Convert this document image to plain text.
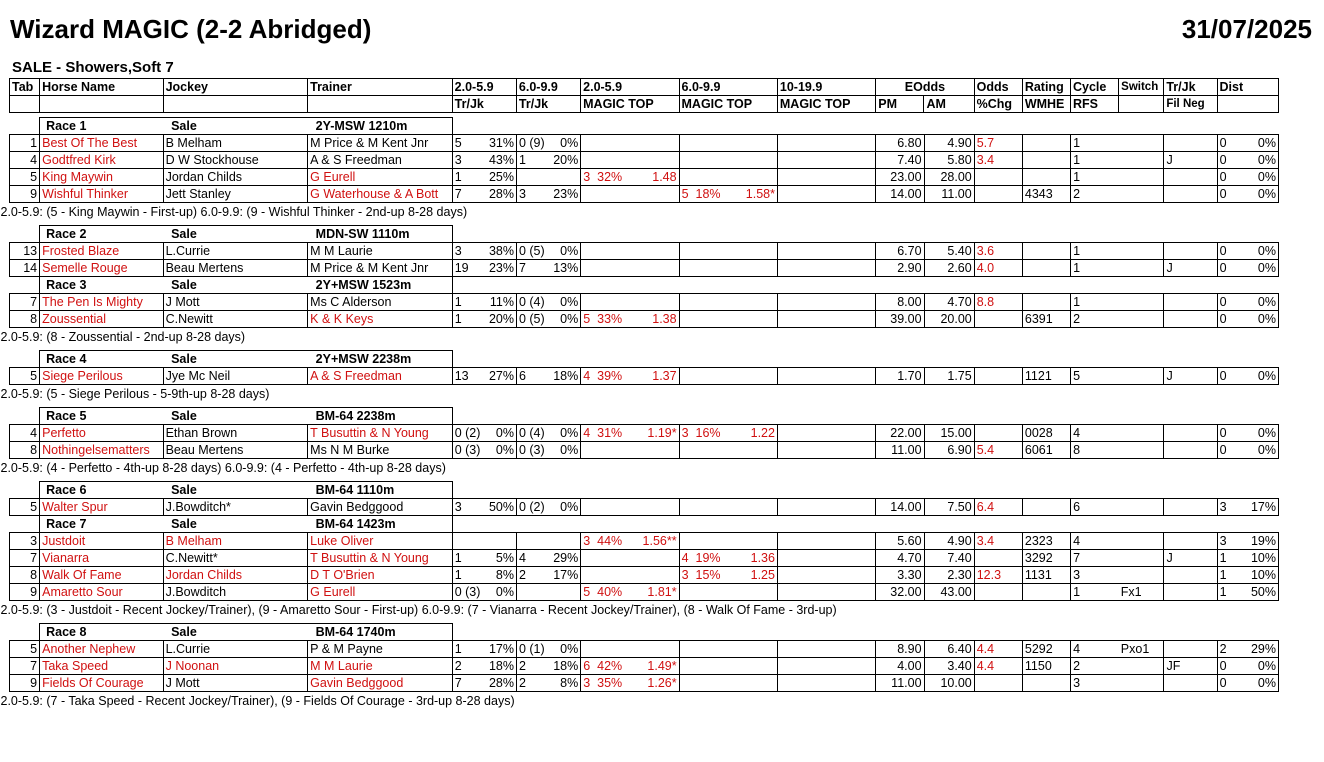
Wizard MAGIC (2-2 Abridged)	31/07/2025
SALE - Showers,Soft 7
Tab	Horse Name	Jockey	Trainer	2.0-5.9	6.0-9.9	2.0-5.9	6.0-9.9	10-19.9	EOdds		Odds	Rating	Cycle	Switch	Tr/Jk	Dist
				Tr/Jk	Tr/Jk	MAGIC TOP	MAGIC TOP	MAGIC TOP	PM	AM	%Chg	WMHE	RFS		Fil Neg	
	Race 1	Sale	2Y-MSW 1210m																		
1	Best Of The Best	B Melham	M Price & M Kent Jnr	5	31%	0 (9)	0%						6.80	4.90	5.7		1			0	0%
4	Godtfred Kirk	D W Stockhouse	A & S Freedman	3	43%	1	20%						7.40	5.80	3.4		1		J	0	0%
5	King Maywin	Jordan Childs	G Eurell	1	25%			3  32%	1.48				23.00	28.00			1			0	0%
9	Wishful Thinker	Jett Stanley	G Waterhouse & A Bott	7	28%	3	23%			5  18%	1.58*		14.00	11.00		4343	2			0	0%
2.0-5.9: (5 - King Maywin - First-up) 6.0-9.9: (9 - Wishful Thinker - 2nd-up 8-28 days)

	Race 2	Sale	MDN-SW 1110m																		
13	Frosted Blaze	L.Currie	M M Laurie	3	38%	0 (5)	0%						6.70	5.40	3.6		1			0	0%
14	Semelle Rouge	Beau Mertens	M Price & M Kent Jnr	19	23%	7	13%						2.90	2.60	4.0		1		J	0	0%
	Race 3	Sale	2Y+MSW 1523m																		
7	The Pen Is Mighty	J Mott	Ms C Alderson	1	11%	0 (4)	0%						8.00	4.70	8.8		1			0	0%
8	Zoussential	C.Newitt	K & K Keys	1	20%	0 (5)	0%	5  33%	1.38				39.00	20.00		6391	2			0	0%
2.0-5.9: (8 - Zoussential - 2nd-up 8-28 days)

	Race 4	Sale	2Y+MSW 2238m																		
5	Siege Perilous	Jye Mc Neil	A & S Freedman	13	27%	6	18%	4  39%	1.37				1.70	1.75		1121	5		J	0	0%
2.0-5.9: (5 - Siege Perilous - 5-9th-up 8-28 days)

	Race 5	Sale	BM-64 2238m																		
4	Perfetto	Ethan Brown	T Busuttin & N Young	0 (2)	0%	0 (4)	0%	4  31%	1.19*	3  16%	1.22		22.00	15.00		0028	4			0	0%
8	Nothingelsematters	Beau Mertens	Ms N M Burke	0 (3)	0%	0 (3)	0%						11.00	6.90	5.4	6061	8			0	0%
2.0-5.9: (4 - Perfetto - 4th-up 8-28 days) 6.0-9.9: (4 - Perfetto - 4th-up 8-28 days)

	Race 6	Sale	BM-64 1110m																		
5	Walter Spur	J.Bowditch*	Gavin Bedggood	3	50%	0 (2)	0%						14.00	7.50	6.4		6			3	17%
	Race 7	Sale	BM-64 1423m																		
3	Justdoit	B Melham	Luke Oliver					3  44%	1.56**				5.60	4.90	3.4	2323	4			3	19%
7	Vianarra	C.Newitt*	T Busuttin & N Young	1	5%	4	29%			4  19%	1.36		4.70	7.40		3292	7		J	1	10%
8	Walk Of Fame	Jordan Childs	D T O'Brien	1	8%	2	17%			3  15%	1.25		3.30	2.30	12.3	1131	3			1	10%
9	Amaretto Sour	J.Bowditch	G Eurell	0 (3)	0%			5  40%	1.81*				32.00	43.00			1	Fx1		1	50%
2.0-5.9: (3 - Justdoit - Recent Jockey/Trainer), (9 - Amaretto Sour - First-up) 6.0-9.9: (7 - Vianarra - Recent Jockey/Trainer), (8 - Walk Of Fame - 3rd-up)

	Race 8	Sale	BM-64 1740m																		
5	Another Nephew	L.Currie	P & M Payne	1	17%	0 (1)	0%						8.90	6.40	4.4	5292	4	Pxo1		2	29%
7	Taka Speed	J Noonan	M M Laurie	2	18%	2	18%	6  42%	1.49*				4.00	3.40	4.4	1150	2		JF	0	0%
9	Fields Of Courage	J Mott	Gavin Bedggood	7	28%	2	8%	3  35%	1.26*				11.00	10.00			3			0	0%
2.0-5.9: (7 - Taka Speed - Recent Jockey/Trainer), (9 - Fields Of Courage - 3rd-up 8-28 days)
